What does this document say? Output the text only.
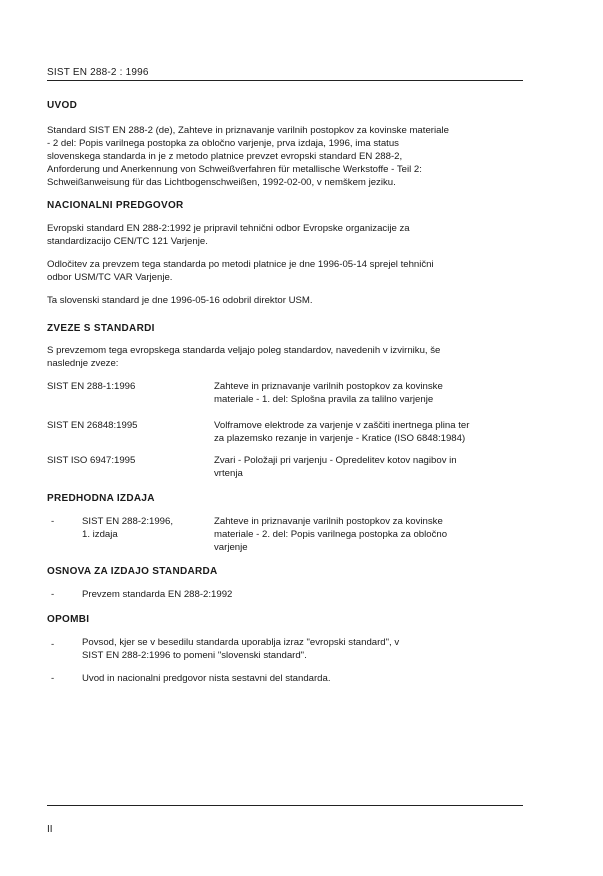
SIST EN 288-2 : 1996
UVOD
Standard SIST EN 288-2 (de), Zahteve in priznavanje varilnih postopkov za kovinske materiale
- 2 del: Popis varilnega postopka za obločno varjenje, prva izdaja, 1996, ima status
slovenskega standarda in je z metodo platnice prevzet evropski standard EN 288-2,
Anforderung und Anerkennung von Schweißverfahren für metallische Werkstoffe - Teil 2:
Schweißanweisung für das Lichtbogenschweißen, 1992-02-00, v nemškem jeziku.
NACIONALNI PREDGOVOR
Evropski standard EN 288-2:1992 je pripravil tehnični odbor Evropske organizacije za
standardizacijo CEN/TC 121 Varjenje.
Odločitev za prevzem tega standarda po metodi platnice je dne 1996-05-14 sprejel tehnični
odbor USM/TC VAR Varjenje.
Ta slovenski standard je dne 1996-05-16 odobril direktor USM.
ZVEZE S STANDARDI
S prevzemom tega evropskega standarda veljajo poleg standardov, navedenih v izvirniku, še
naslednje zveze:
SIST EN 288-1:1996	Zahteve in priznavanje varilnih postopkov za kovinske
materiale - 1. del: Splošna pravila za talilno varjenje
SIST EN 26848:1995	Volframove elektrode za varjenje v zaščiti inertnega plina ter
za plazemsko rezanje in varjenje - Kratice (ISO 6848:1984)
SIST ISO 6947:1995	Zvari - Položaji pri varjenju - Opredelitev kotov nagibov in
vrtenja
PREDHODNA IZDAJA
-	SIST EN 288-2:1996,
1. izdaja
Zahteve in priznavanje varilnih postopkov za kovinske
materiale - 2. del: Popis varilnega postopka za obločno
varjenje
OSNOVA ZA IZDAJO STANDARDA
-	Prevzem standarda EN 288-2:1992
OPOMBI
-	Povsod, kjer se v besedilu standarda uporablja izraz "evropski standard", v
SIST EN 288-2:1996 to pomeni "slovenski standard".
-	Uvod in nacionalni predgovor nista sestavni del standarda.
II
